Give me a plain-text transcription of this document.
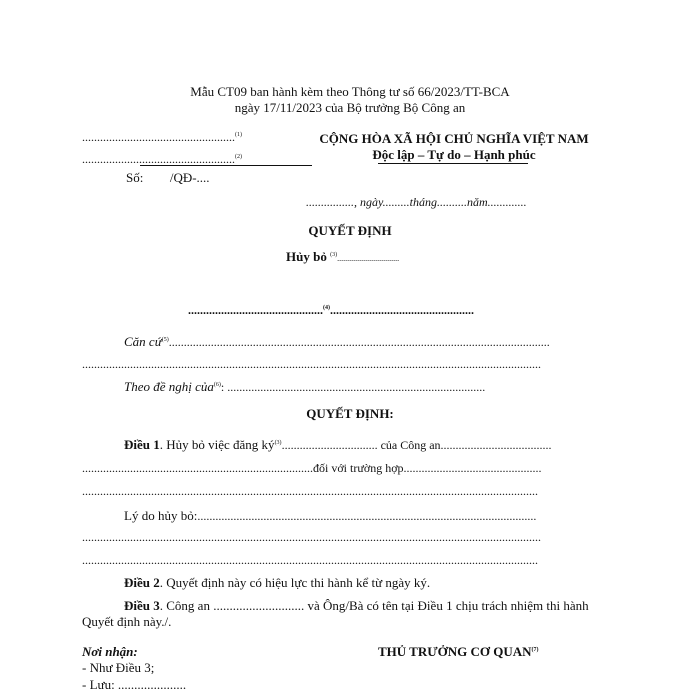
Mẫu CT09 ban hành kèm theo Thông tư số 66/2023/TT-BCA
ngày 17/11/2023 của Bộ trưởng Bộ Công an
...................................................$^{(1)}$
...................................................$^{(2)}$
Số: /QĐ-....
CỘNG HÒA XÃ HỘI CHỦ NGHĨA VIỆT NAM
Độc lập – Tự do – Hạnh phúc
................, ngày.........tháng..........năm.............
QUYẾT ĐỊNH
Hủy bỏ $^{(3)}$...............................
.............................................$^{(4)}$................................................
Căn cứ$^{(5)}$...............................................................................................................................
.........................................................................................................................................................
Theo đề nghị của$^{(6)}$: ......................................................................................
QUYẾT ĐỊNH:
Điều 1. Hủy bỏ việc đăng $ký^{(3)}$................................ của Công an.....................................
.............................................................................đối với trường hợp..............................................
........................................................................................................................................................
Lý do hủy bỏ:.................................................................................................................
.........................................................................................................................................................
........................................................................................................................................................
Điều 2. Quyết định này có hiệu lực thi hành kể từ ngày ký.
Điều 3. Công an ............................ và Ông/Bà có tên tại Điều 1 chịu trách nhiệm thi hành
Quyết định này./.
Nơi nhận:
- Như Điều 3;
- Lưu: .....................
THỦ TRƯỞNG CƠ QUAN$^{(7)}$
